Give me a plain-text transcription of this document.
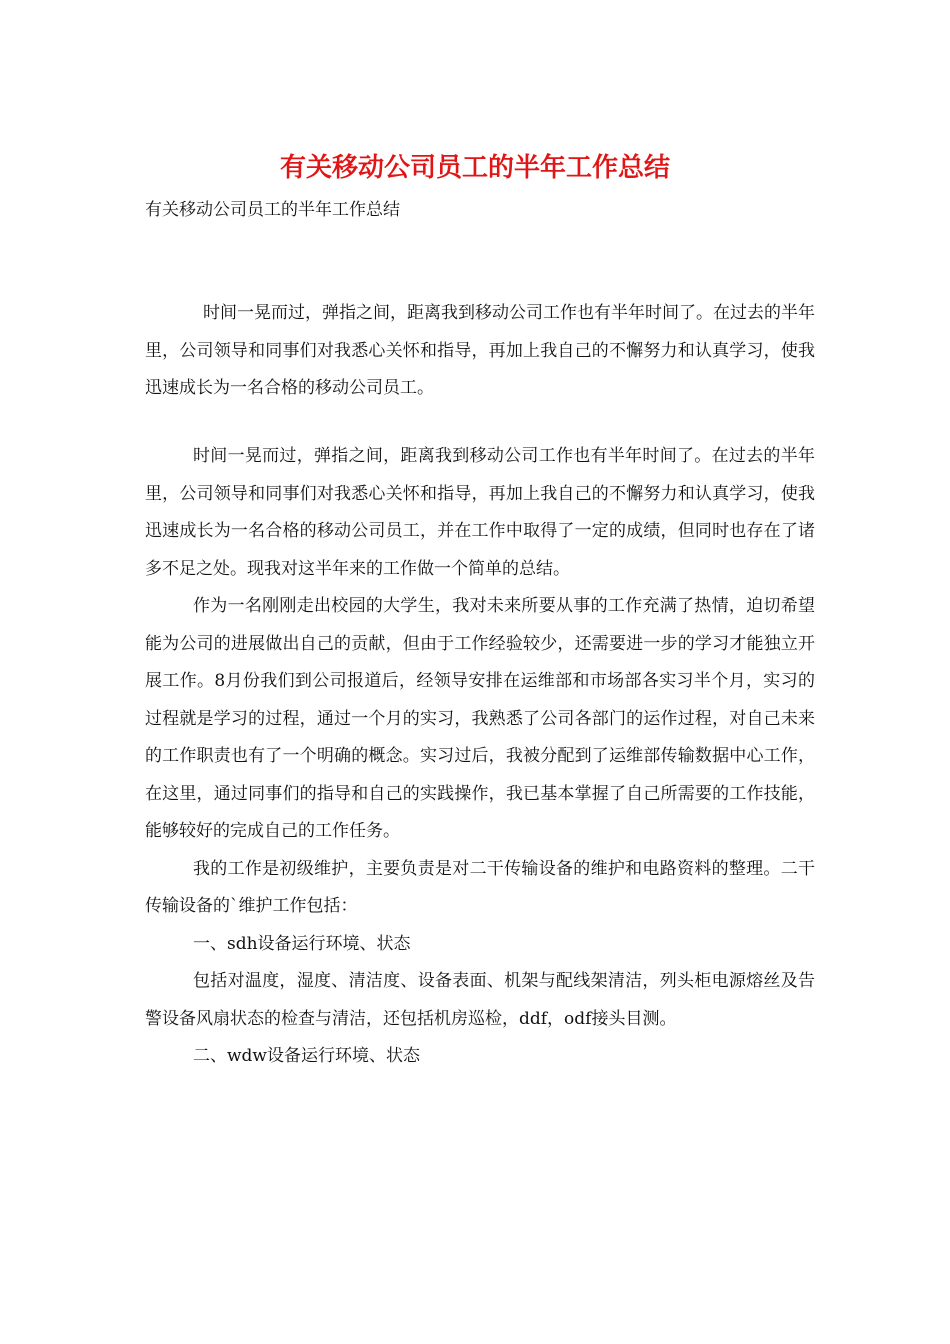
有关移动公司员工的半年工作总结
有关移动公司员工的半年工作总结

时间一晃而过，弹指之间，距离我到移动公司工作也有半年时间了。在过去的半年里，公司领导和同事们对我悉心关怀和指导，再加上我自己的不懈努力和认真学习，使我迅速成长为一名合格的移动公司员工。

时间一晃而过，弹指之间，距离我到移动公司工作也有半年时间了。在过去的半年里，公司领导和同事们对我悉心关怀和指导，再加上我自己的不懈努力和认真学习，使我迅速成长为一名合格的移动公司员工，并在工作中取得了一定的成绩，但同时也存在了诸多不足之处。现我对这半年来的工作做一个简单的总结。

作为一名刚刚走出校园的大学生，我对未来所要从事的工作充满了热情，迫切希望能为公司的进展做出自己的贡献，但由于工作经验较少，还需要进一步的学习才能独立开展工作。8月份我们到公司报道后，经领导安排在运维部和市场部各实习半个月，实习的过程就是学习的过程，通过一个月的实习，我熟悉了公司各部门的运作过程，对自己未来的工作职责也有了一个明确的概念。实习过后，我被分配到了运维部传输数据中心工作，在这里，通过同事们的指导和自己的实践操作，我已基本掌握了自己所需要的工作技能，能够较好的完成自己的工作任务。

我的工作是初级维护，主要负责是对二干传输设备的维护和电路资料的整理。二干传输设备的`维护工作包括：

一、sdh设备运行环境、状态

包括对温度，湿度、清洁度、设备表面、机架与配线架清洁，列头柜电源熔丝及告警设备风扇状态的检查与清洁，还包括机房巡检，ddf，odf接头目测。

二、wdw设备运行环境、状态
